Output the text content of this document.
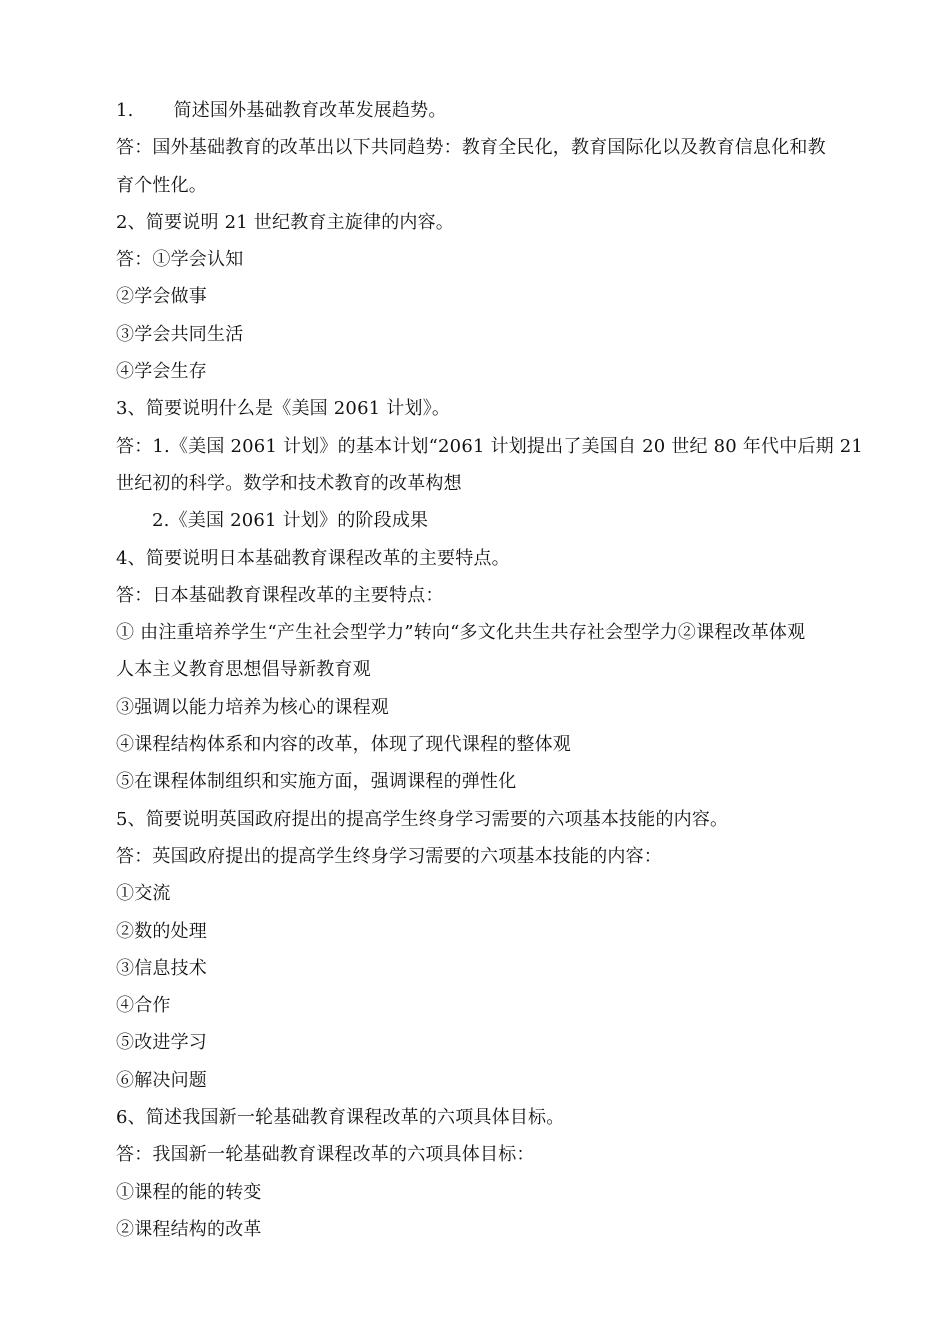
1. 简述国外基础教育改革发展趋势。
答：国外基础教育的改革出以下共同趋势：教育全民化，教育国际化以及教育信息化和教
育个性化。
2、简要说明 21 世纪教育主旋律的内容。
答：①学会认知
②学会做事
③学会共同生活
④学会生存
3、简要说明什么是《美国 2061 计划》。
答：1.《美国 2061 计划》的基本计划“2061 计划提出了美国自 20 世纪 80 年代中后期 21
世纪初的科学。数学和技术教育的改革构想
2.《美国 2061 计划》的阶段成果
4、简要说明日本基础教育课程改革的主要特点。
答：日本基础教育课程改革的主要特点：
① 由注重培养学生“产生社会型学力”转向“多文化共生共存社会型学力②课程改革体观
人本主义教育思想倡导新教育观
③强调以能力培养为核心的课程观
④课程结构体系和内容的改革，体现了现代课程的整体观
⑤在课程体制组织和实施方面，强调课程的弹性化
5、简要说明英国政府提出的提高学生终身学习需要的六项基本技能的内容。
答：英国政府提出的提高学生终身学习需要的六项基本技能的内容：
①交流
②数的处理
③信息技术
④合作
⑤改进学习
⑥解决问题
6、简述我国新一轮基础教育课程改革的六项具体目标。
答：我国新一轮基础教育课程改革的六项具体目标：
①课程的能的转变
②课程结构的改革
